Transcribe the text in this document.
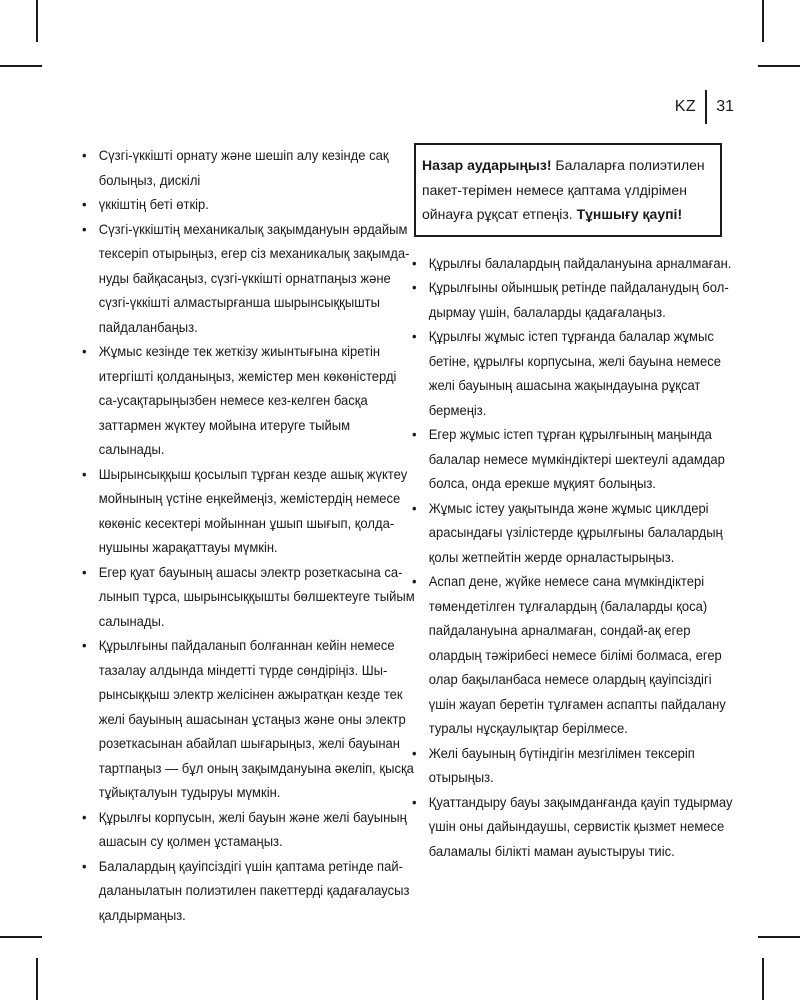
KZ	31
• Сүзгі-үккішті орнату және шешіп алу кезінде сақ болыңыз, дискілі
• үккіштің беті өткір.
• Сүзгі-үккіштің механикалық зақымдануын әрдайым тексеріп отырыңыз, егер сіз механикалық зақымда-нуды байқасаңыз, сүзгі-үккішті орнатпаңыз және сүзгі-үккішті алмастырғанша шырынсыққышты пайдаланбаңыз.
• Жұмыс кезінде тек жеткізу жиынтығына кіретін итергішті қолданыңыз, жемістер мен көкөністерді са-усақтарыңызбен немесе кез-келген басқа заттармен жүктеу мойына итеруге тыйым салынады.
• Шырынсыққыш қосылып тұрған кезде ашық жүктеу мойнының үстіне еңкеймеңіз, жемістердің немесе көкөніс кесектері мойыннан ұшып шығып, қолда-нушыны жарақаттауы мүмкін.
• Егер қуат бауының ашасы электр розеткасына са-лынып тұрса, шырынсыққышты бөлшектеуге тыйым салынады.
• Құрылғыны пайдаланып болғаннан кейін немесе тазалау алдында міндетті түрде сөндіріңіз. Шы-рынсыққыш электр желісінен ажыратқан кезде тек желі бауының ашасынан ұстаңыз және оны электр розеткасынан абайлап шығарыңыз, желі бауынан тартпаңыз — бұл оның зақымдануына әкеліп, қысқа тұйықталуын тудыруы мүмкін.
• Құрылғы корпусын, желі бауын және желі бауының ашасын су қолмен ұстамаңыз.
• Балалардың қауіпсіздігі үшін қаптама ретінде пай-даланылатын полиэтилен пакеттерді қадағалаусыз қалдырмаңыз.
Назар аударыңыз! Балаларға полиэтилен пакет-терімен немесе қаптама үлдірімен ойнауға рұқсат етпеңіз. Тұншығу қаупі!
• Құрылғы балалардың пайдалануына арналмаған.
• Құрылғыны ойыншық ретінде пайдаланудың бол-дырмау үшін, балаларды қадағалаңыз.
• Құрылғы жұмыс істеп тұрғанда балалар жұмыс бетіне, құрылғы корпусына, желі бауына немесе желі бауының ашасына жақындауына рұқсат бермеңіз.
• Егер жұмыс істеп тұрған құрылғының маңында балалар немесе мүмкіндіктері шектеулі адамдар болса, онда ерекше мұқият болыңыз.
• Жұмыс істеу уақытында және жұмыс циклдері арасындағы үзілістерде құрылғыны балалардың қолы жетпейтін жерде орналастырыңыз.
• Аспап дене, жүйке немесе сана мүмкіндіктері төмендетілген тұлғалардың (балаларды қоса) пайдалануына арналмаған, сондай-ақ егер олардың тәжірибесі немесе білімі болмаса, егер олар бақыланбаса немесе олардың қауіпсіздігі үшін жауап беретін тұлғамен аспапты пайдалану туралы нұсқаулықтар берілмесе.
• Желі бауының бүтіндігін мезгілімен тексеріп отырыңыз.
• Қуаттандыру бауы зақымданғанда қауіп тудырмау үшін оны дайындаушы, сервистік қызмет немесе баламалы білікті маман ауыстыруы тиіс.
